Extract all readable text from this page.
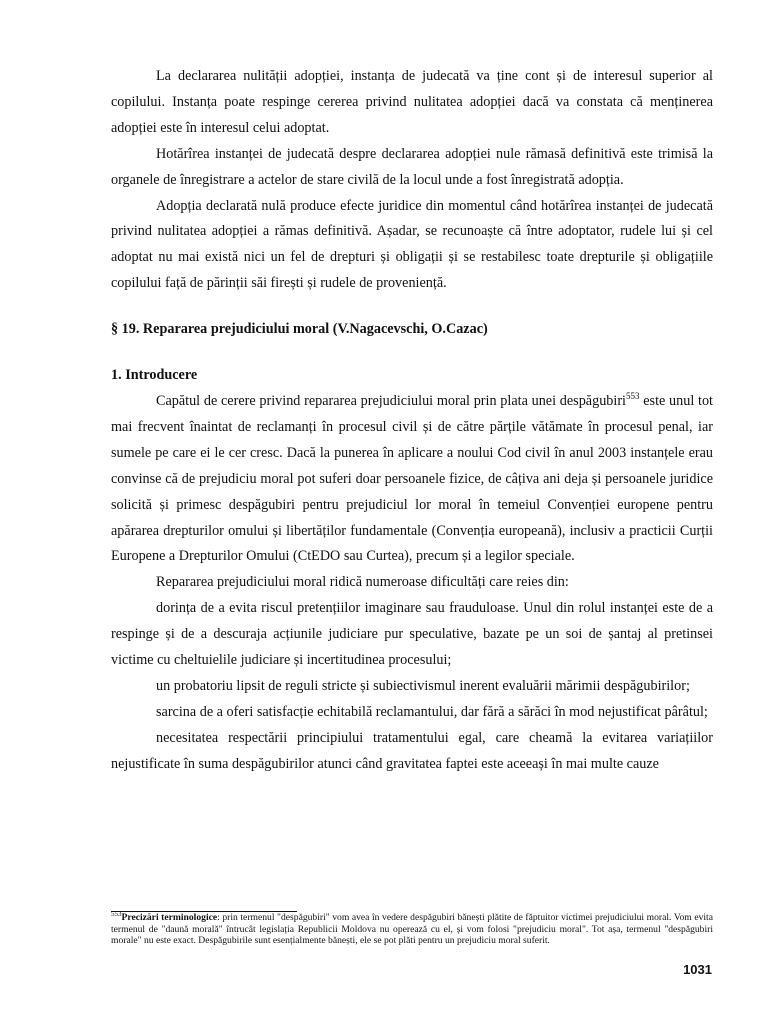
La declararea nulității adopției, instanța de judecată va ține cont și de interesul superior al copilului. Instanța poate respinge cererea privind nulitatea adopției dacă va constata că menținerea adopției este în interesul celui adoptat.

Hotărîrea instanței de judecată despre declararea adopției nule rămasă definitivă este trimisă la organele de înregistrare a actelor de stare civilă de la locul unde a fost înregistrată adopția.

Adopția declarată nulă produce efecte juridice din momentul când hotărîrea instanței de judecată privind nulitatea adopției a rămas definitivă. Așadar, se recunoaște că între adoptator, rudele lui și cel adoptat nu mai există nici un fel de drepturi și obligații și se restabilesc toate drepturile și obligațiile copilului față de părinții săi firești și rudele de proveniență.

§ 19. Repararea prejudiciului moral (V.Nagacevschi, O.Cazac)

1. Introducere

Capătul de cerere privind repararea prejudiciului moral prin plata unei despăgubiri$^{553}$ este unul tot mai frecvent înaintat de reclamanți în procesul civil și de către părțile vătămate în procesul penal, iar sumele pe care ei le cer cresc. Dacă la punerea în aplicare a noului Cod civil în anul 2003 instanțele erau convinse că de prejudiciu moral pot suferi doar persoanele fizice, de câțiva ani deja și persoanele juridice solicită și primesc despăgubiri pentru prejudiciul lor moral în temeiul Convenției europene pentru apărarea drepturilor omului și libertăților fundamentale (Convenția europeană), inclusiv a practicii Curții Europene a Drepturilor Omului (CtEDO sau Curtea), precum și a legilor speciale.

Repararea prejudiciului moral ridică numeroase dificultăți care reies din:

dorința de a evita riscul pretențiilor imaginare sau frauduloase. Unul din rolul instanței este de a respinge și de a descuraja acțiunile judiciare pur speculative, bazate pe un soi de șantaj al pretinsei victime cu cheltuielile judiciare și incertitudinea procesului;

un probatoriu lipsit de reguli stricte și subiectivismul inerent evaluării mărimii despăgubirilor;

sarcina de a oferi satisfacție echitabilă reclamantului, dar fără a sărăci în mod nejustificat pârâtul;

necesitatea respectării principiului tratamentului egal, care cheamă la evitarea variațiilor nejustificate în suma despăgubirilor atunci când gravitatea faptei este aceeași în mai multe cauze

$^{553}$Precizări terminologice: prin termenul "despăgubiri" vom avea în vedere despăgubiri bănești plătite de făptuitor victimei prejudiciului moral. Vom evita termenul de "daună morală" întrucât legislația Republicii Moldova nu operează cu el, și vom folosi "prejudiciu moral". Tot așa, termenul "despăgubiri morale" nu este exact. Despăgubirile sunt esențialmente bănești, ele se pot plăti pentru un prejudiciu moral suferit.
1031
